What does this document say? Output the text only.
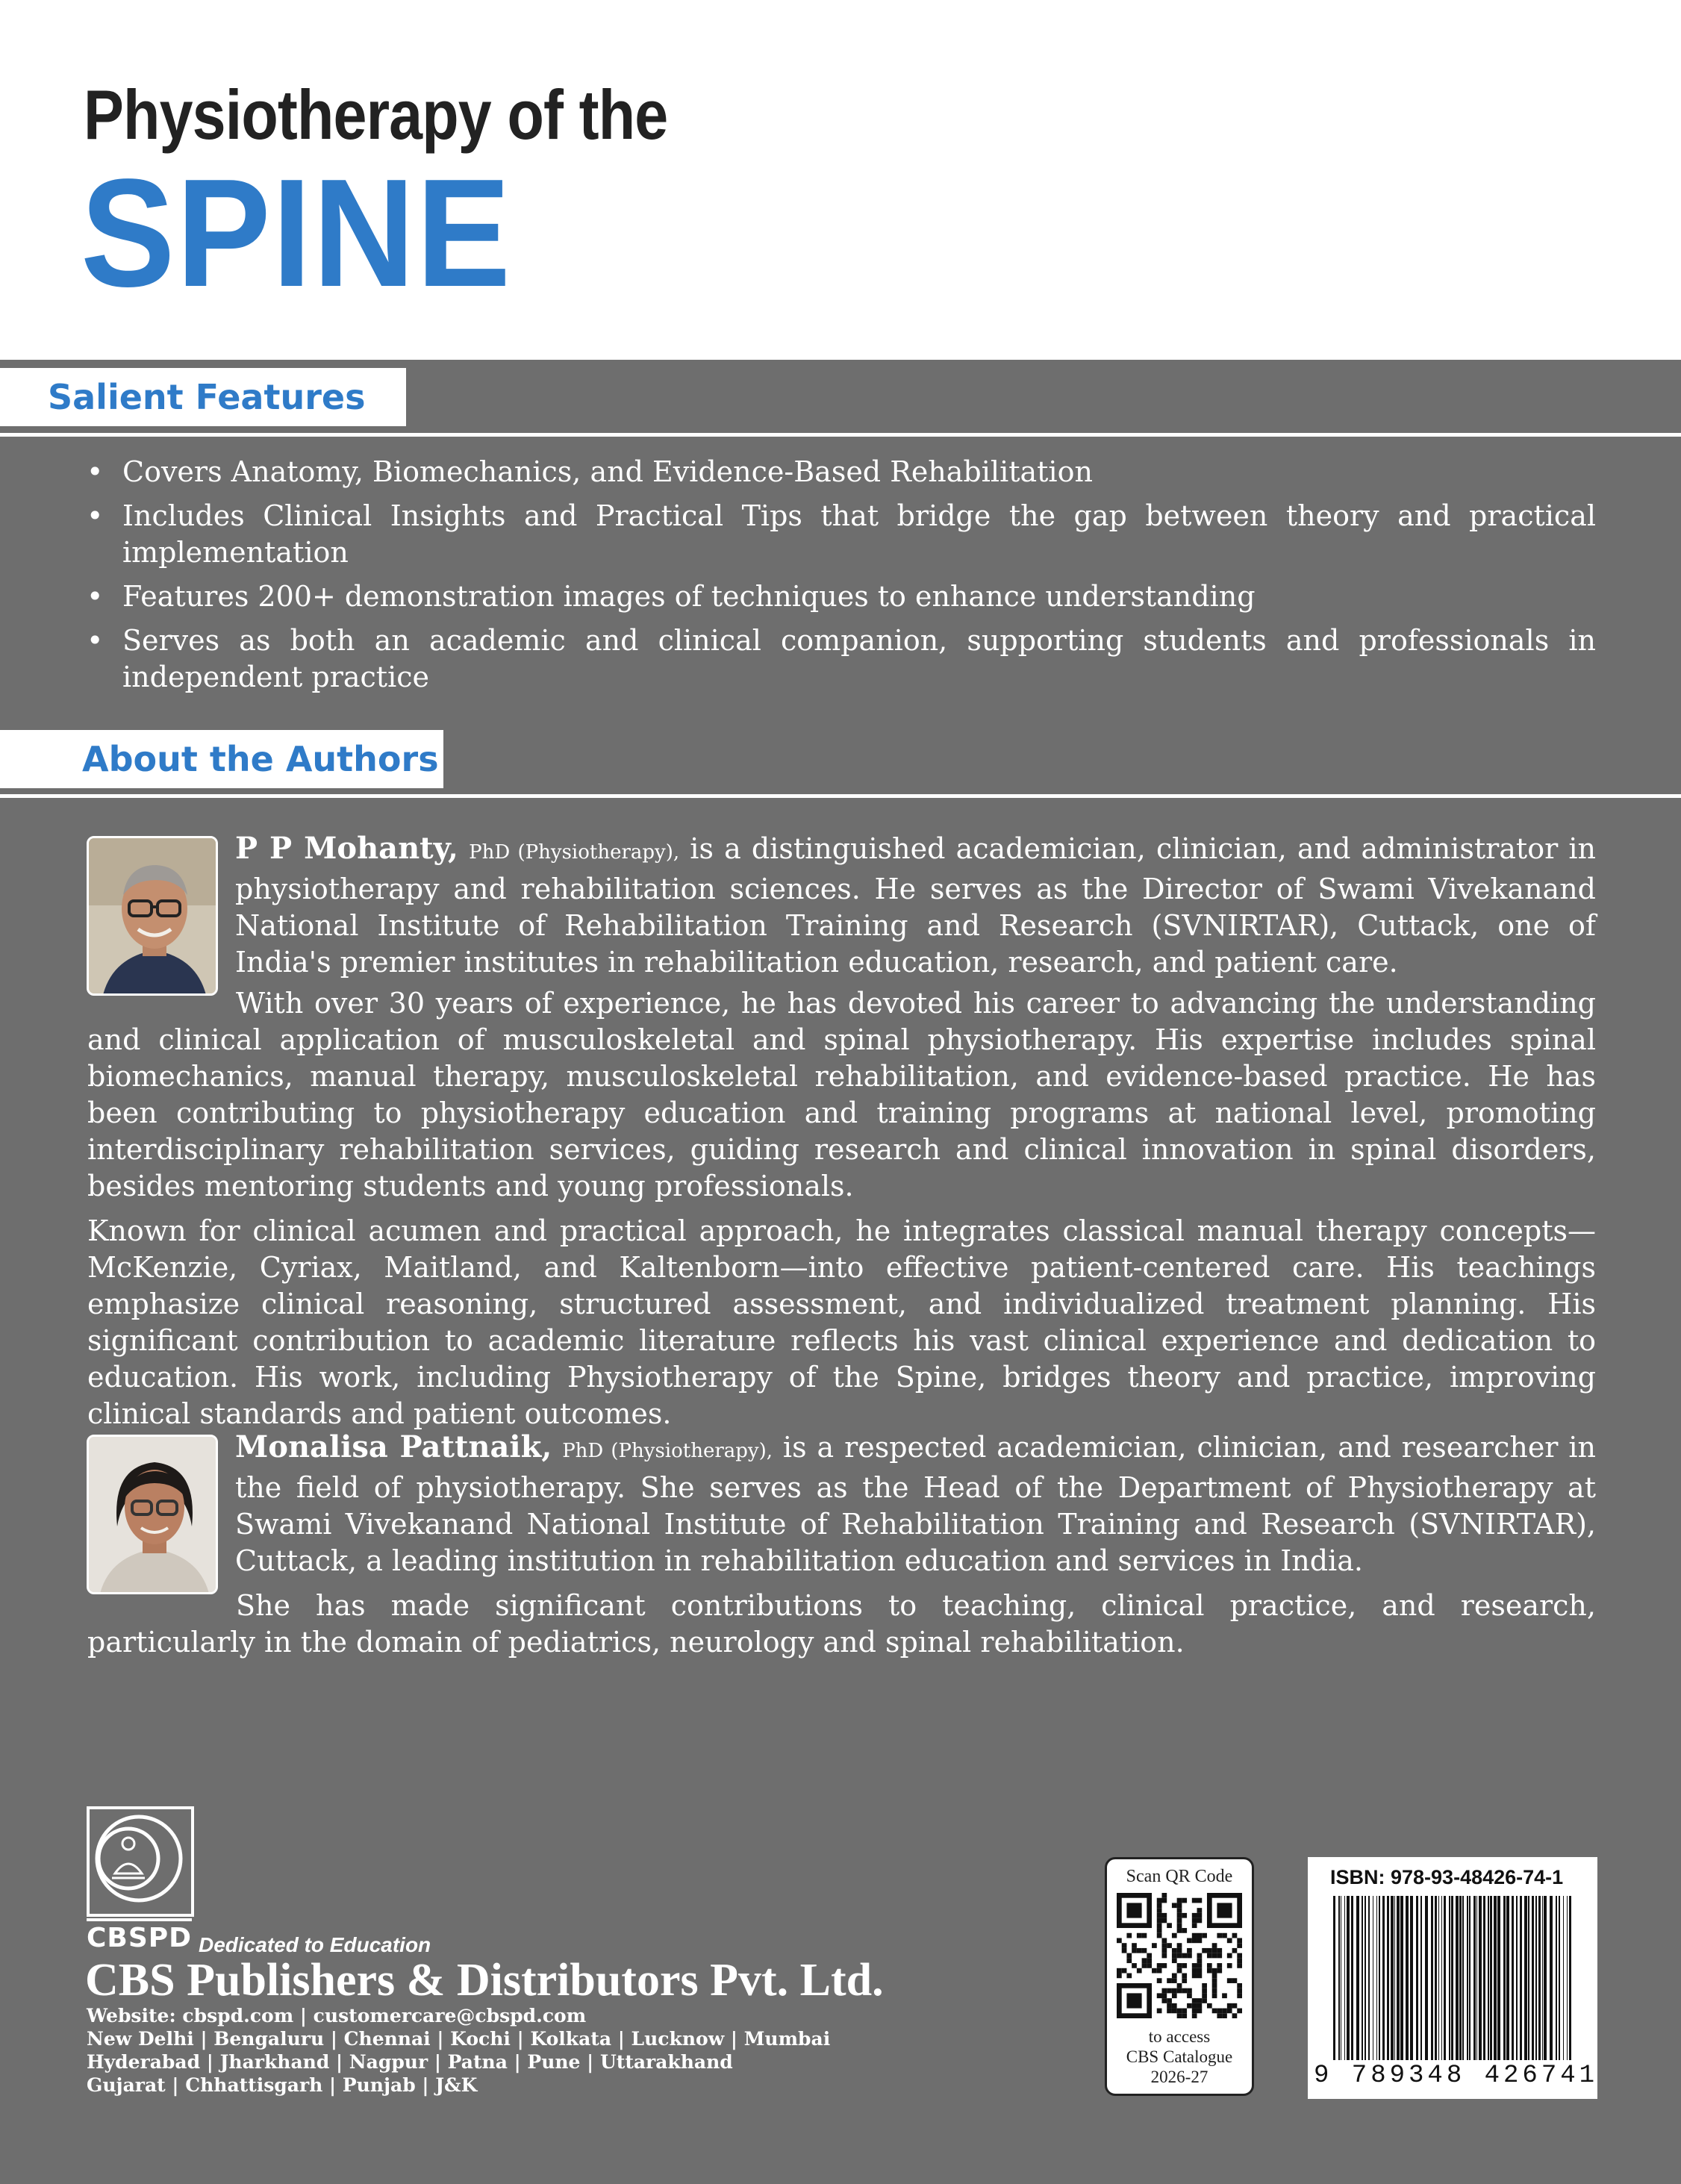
Physiotherapy of the
SPINE
Salient Features
• Covers Anatomy, Biomechanics, and Evidence-Based Rehabilitation
• Includes Clinical Insights and Practical Tips that bridge the gap between theory and practical implementation
• Features 200+ demonstration images of techniques to enhance understanding
• Serves as both an academic and clinical companion, supporting students and professionals in independent practice
About the Authors

P P Mohanty, PhD (Physiotherapy), is a distinguished academician, clinician, and administrator in physiotherapy and rehabilitation sciences. He serves as the Director of Swami Vivekanand National Institute of Rehabilitation Training and Research (SVNIRTAR), Cuttack, one of India's premier institutes in rehabilitation education, research, and patient care.

With over 30 years of experience, he has devoted his career to advancing the understanding and clinical application of musculoskeletal and spinal physiotherapy. His expertise includes spinal biomechanics, manual therapy, musculoskeletal rehabilitation, and evidence-based practice. He has been contributing to physiotherapy education and training programs at national level, promoting interdisciplinary rehabilitation services, guiding research and clinical innovation in spinal disorders, besides mentoring students and young professionals.

Known for clinical acumen and practical approach, he integrates classical manual therapy concepts—McKenzie, Cyriax, Maitland, and Kaltenborn—into effective patient-centered care. His teachings emphasize clinical reasoning, structured assessment, and individualized treatment planning. His significant contribution to academic literature reflects his vast clinical experience and dedication to education. His work, including Physiotherapy of the Spine, bridges theory and practice, improving clinical standards and patient outcomes.

Monalisa Pattnaik, PhD (Physiotherapy), is a respected academician, clinician, and researcher in the field of physiotherapy. She serves as the Head of the Department of Physiotherapy at Swami Vivekanand National Institute of Rehabilitation Training and Research (SVNIRTAR), Cuttack, a leading institution in rehabilitation education and services in India.

She has made significant contributions to teaching, clinical practice, and research, particularly in the domain of pediatrics, neurology and spinal rehabilitation.

CBSPD Dedicated to Education
CBS Publishers & Distributors Pvt. Ltd.
Website: cbspd.com | customercare@cbspd.com
New Delhi | Bengaluru | Chennai | Kochi | Kolkata | Lucknow | Mumbai
Hyderabad | Jharkhand | Nagpur | Patna | Pune | Uttarakhand
Gujarat | Chhattisgarh | Punjab | J&K
Scan QR Code
to access
CBS Catalogue
2026-27
ISBN: 978-93-48426-74-1
9 789348 426741
